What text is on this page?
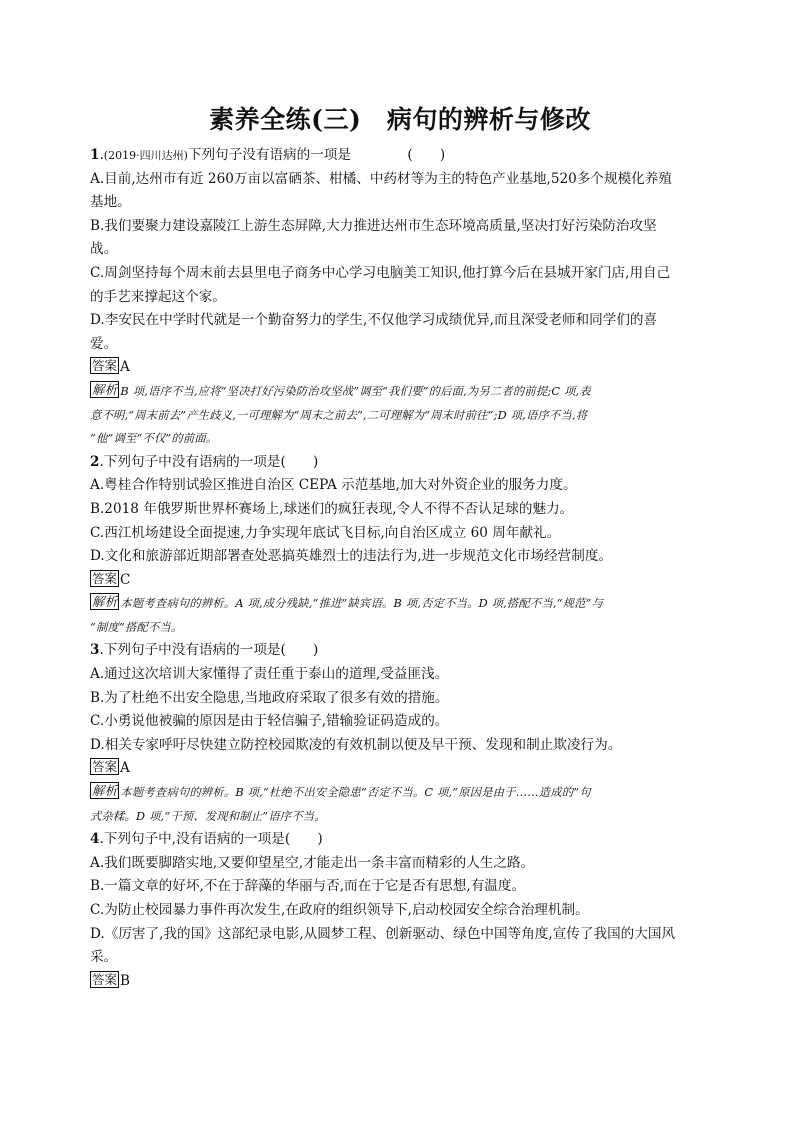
素养全练(三)　病句的辨析与修改
1.(2019·四川达州)下列句子没有语病的一项是	(　　)
A.目前,达州市有近 260万亩以富硒茶、柑橘、中药材等为主的特色产业基地,520多个规模化养殖
基地。
B.我们要聚力建设嘉陵江上游生态屏障,大力推进达州市生态环境高质量,坚决打好污染防治攻坚
战。
C.周剑坚持每个周末前去县里电子商务中心学习电脑美工知识,他打算今后在县城开家门店,用自己
的手艺来撑起这个家。
D.李安民在中学时代就是一个勤奋努力的学生,不仅他学习成绩优异,而且深受老师和同学们的喜
爱。
答案 A
解析 B 项,语序不当,应将“坚决打好污染防治攻坚战”调至“我们要”的后面,为另二者的前提;C 项,表
意不明,“周末前去”产生歧义,一可理解为“周末之前去”,二可理解为“周末时前往”;D 项,语序不当,将
“他”调至“不仅”的前面。
2.下列句子中没有语病的一项是(　　)
A.粤桂合作特别试验区推进自治区 CEPA 示范基地,加大对外资企业的服务力度。
B.2018 年俄罗斯世界杯赛场上,球迷们的疯狂表现,令人不得不否认足球的魅力。
C.西江机场建设全面提速,力争实现年底试飞目标,向自治区成立 60 周年献礼。
D.文化和旅游部近期部署查处恶搞英雄烈士的违法行为,进一步规范文化市场经营制度。
答案 C
解析 本题考查病句的辨析。A 项,成分残缺,“推进”缺宾语。B 项,否定不当。D 项,搭配不当,“规范”与
“制度”搭配不当。
3.下列句子中没有语病的一项是(　　)
A.通过这次培训大家懂得了责任重于泰山的道理,受益匪浅。
B.为了杜绝不出安全隐患,当地政府采取了很多有效的措施。
C.小勇说他被骗的原因是由于轻信骗子,错输验证码造成的。
D.相关专家呼吁尽快建立防控校园欺凌的有效机制以便及早干预、发现和制止欺凌行为。
答案 A
解析 本题考查病句的辨析。B 项,“杜绝不出安全隐患”否定不当。C 项,“原因是由于……造成的”句
式杂糅。D 项,“干预、发现和制止”语序不当。
4.下列句子中,没有语病的一项是(　　)
A.我们既要脚踏实地,又要仰望星空,才能走出一条丰富而精彩的人生之路。
B.一篇文章的好坏,不在于辞藻的华丽与否,而在于它是否有思想,有温度。
C.为防止校园暴力事件再次发生,在政府的组织领导下,启动校园安全综合治理机制。
D.《厉害了,我的国》这部纪录电影,从圆梦工程、创新驱动、绿色中国等角度,宣传了我国的大国风
采。
答案 B
